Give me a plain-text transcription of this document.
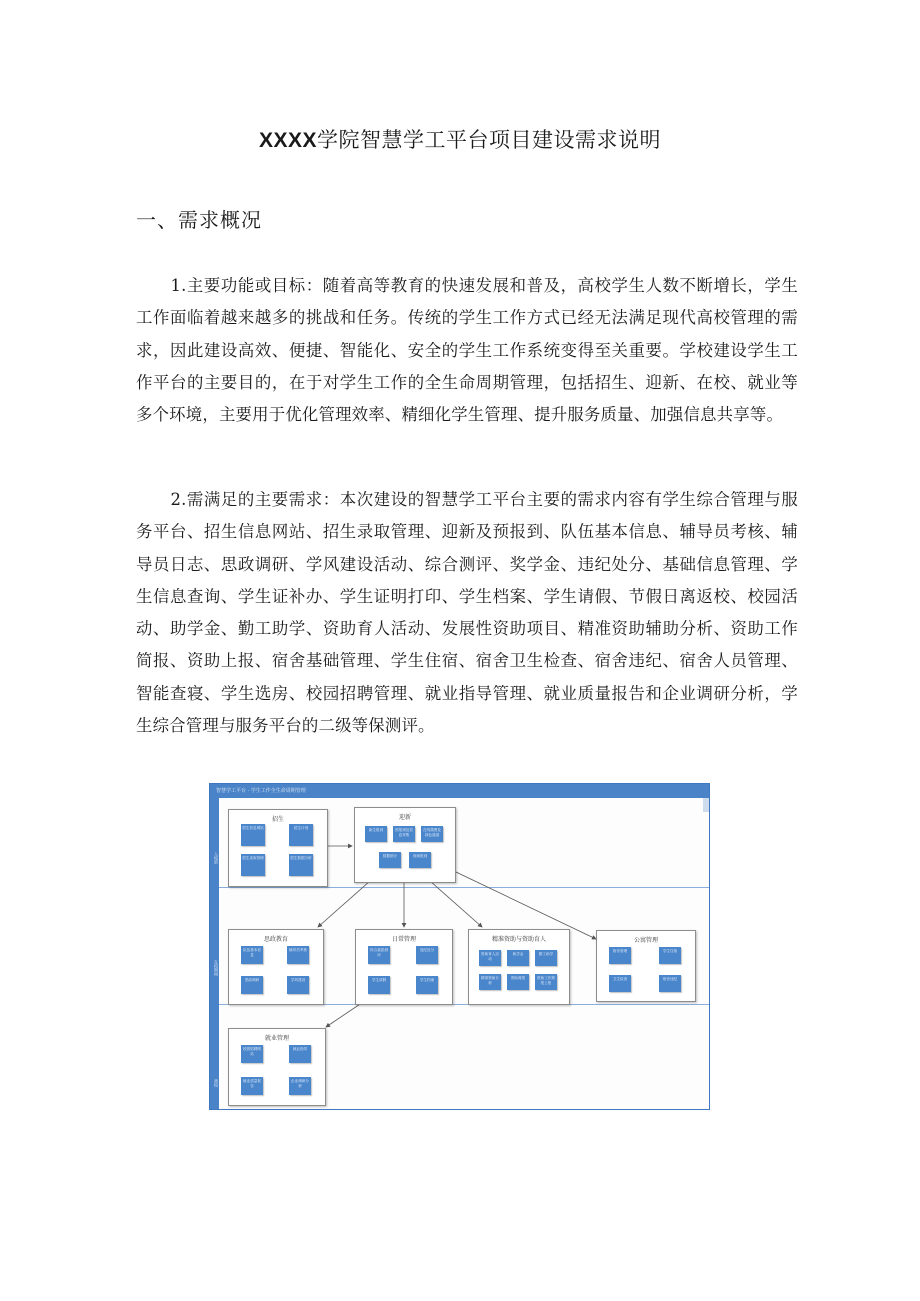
XXXX学院智慧学工平台项目建设需求说明
一、需求概况
1.主要功能或目标：随着高等教育的快速发展和普及，高校学生人数不断增长，学生工作面临着越来越多的挑战和任务。传统的学生工作方式已经无法满足现代高校管理的需求，因此建设高效、便捷、智能化、安全的学生工作系统变得至关重要。学校建设学生工作平台的主要目的，在于对学生工作的全生命周期管理，包括招生、迎新、在校、就业等多个环境，主要用于优化管理效率、精细化学生管理、提升服务质量、加强信息共享等。
2.需满足的主要需求：本次建设的智慧学工平台主要的需求内容有学生综合管理与服务平台、招生信息网站、招生录取管理、迎新及预报到、队伍基本信息、辅导员考核、辅导员日志、思政调研、学风建设活动、综合测评、奖学金、违纪处分、基础信息管理、学生信息查询、学生证补办、学生证明打印、学生档案、学生请假、节假日离返校、校园活动、助学金、勤工助学、资助育人活动、发展性资助项目、精准资助辅助分析、资助工作简报、资助上报、宿舍基础管理、学生住宿、宿舍卫生检查、宿舍违纪、宿舍人员管理、智能查寝、学生选房、校园招聘管理、就业指导管理、就业质量报告和企业调研分析，学生综合管理与服务平台的二级等保测评。
智慧学工平台 · 学生工作全生命周期管理
入校前
在校期间
离校
招生
招生信息网站	招生计划
招生录取管理	招生数据分析
迎新
新生报到	预报到及信息采集
在线缴费及绿色通道
数据统计	现场报到
思政教育
队伍基本信息
辅导员考核
思政调研	学风建设
日常管理
综合素质测评
违纪处分
学生请假	学生档案
精准资助与资助育人
资助育人活动
助学金	勤工助学
精准资助分析
资助简报	资助工作简报上报
公寓管理
宿舍管理	学生住宿
卫生检查	宿舍违纪
就业管理
校园招聘网站
就业指导
就业质量报告
企业调研分析
